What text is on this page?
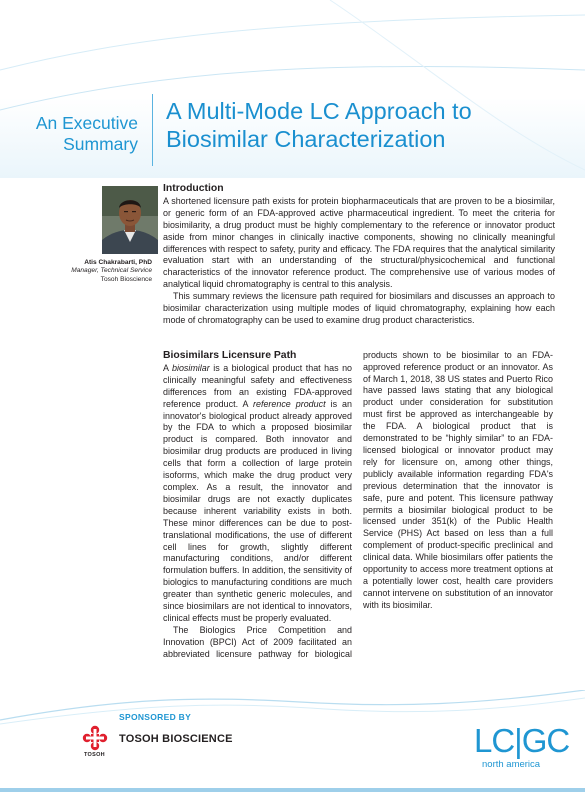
An Executive
Summary
A Multi-Mode LC Approach to
Biosimilar Characterization
Atis Chakrabarti, PhD
Manager, Technical Service
Tosoh Bioscience
Introduction

A shortened licensure path exists for protein biopharmaceuticals that are proven to be a biosimilar, or generic form of an FDA-approved active pharmaceutical ingredient. To meet the criteria for biosimilarity, a drug product must be highly complementary to the reference or innovator product aside from minor changes in clinically inactive components, showing no clinically meaningful differences with respect to safety, purity and efficacy. The FDA requires that the analytical similarity evaluation start with an understanding of the structural/physicochemical and functional characteristics of the innovator reference product. The comprehensive use of various modes of analytical liquid chromatography is central to this analysis.

This summary reviews the licensure path required for biosimilars and discusses an approach to biosimilar characterization using multiple modes of liquid chromatography, explaining how each mode of chromatography can be used to examine drug product characteristics.

Biosimilars Licensure Path

A biosimilar is a biological product that has no clinically meaningful safety and effectiveness differences from an existing FDA-approved reference product. A reference product is an innovator's biological product already approved by the FDA to which a proposed biosimilar product is compared. Both innovator and biosimilar drug products are produced in living cells that form a collection of large protein isoforms, which make the drug product very complex. As a result, the innovator and biosimilar drugs are not exactly duplicates because inherent variability exists in both. These minor differences can be due to post-translational modifications, the use of different cell lines for growth, slightly different manufacturing conditions, and/or different formulation buffers. In addition, the sensitivity of biologics to manufacturing conditions are much greater than synthetic generic molecules, and since biosimilars are not identical to innovators, clinical effects must be properly evaluated.

The Biologics Price Competition and Innovation (BPCI) Act of 2009 facilitated an abbreviated licensure pathway for biological

products shown to be biosimilar to an FDA-approved reference product or an innovator. As of March 1, 2018, 38 US states and Puerto Rico have passed laws stating that any biological product under consideration for substitution must first be approved as interchangeable by the FDA. A biological product that is demonstrated to be “highly similar” to an FDA-licensed biological or innovator product may rely for licensure on, among other things, publicly available information regarding FDA's previous determination that the innovator is safe, pure and potent. This licensure pathway permits a biosimilar biological product to be licensed under 351(k) of the Public Health Service (PHS) Act based on less than a full complement of product-specific preclinical and clinical data. While biosimilars offer patients the opportunity to access more treatment options at a potentially lower cost, health care providers cannot intervene on substitution of an innovator with its biosimilar.

SPONSORED BY
TOSOH
TOSOH BIOSCIENCE	LC|GC
north america
